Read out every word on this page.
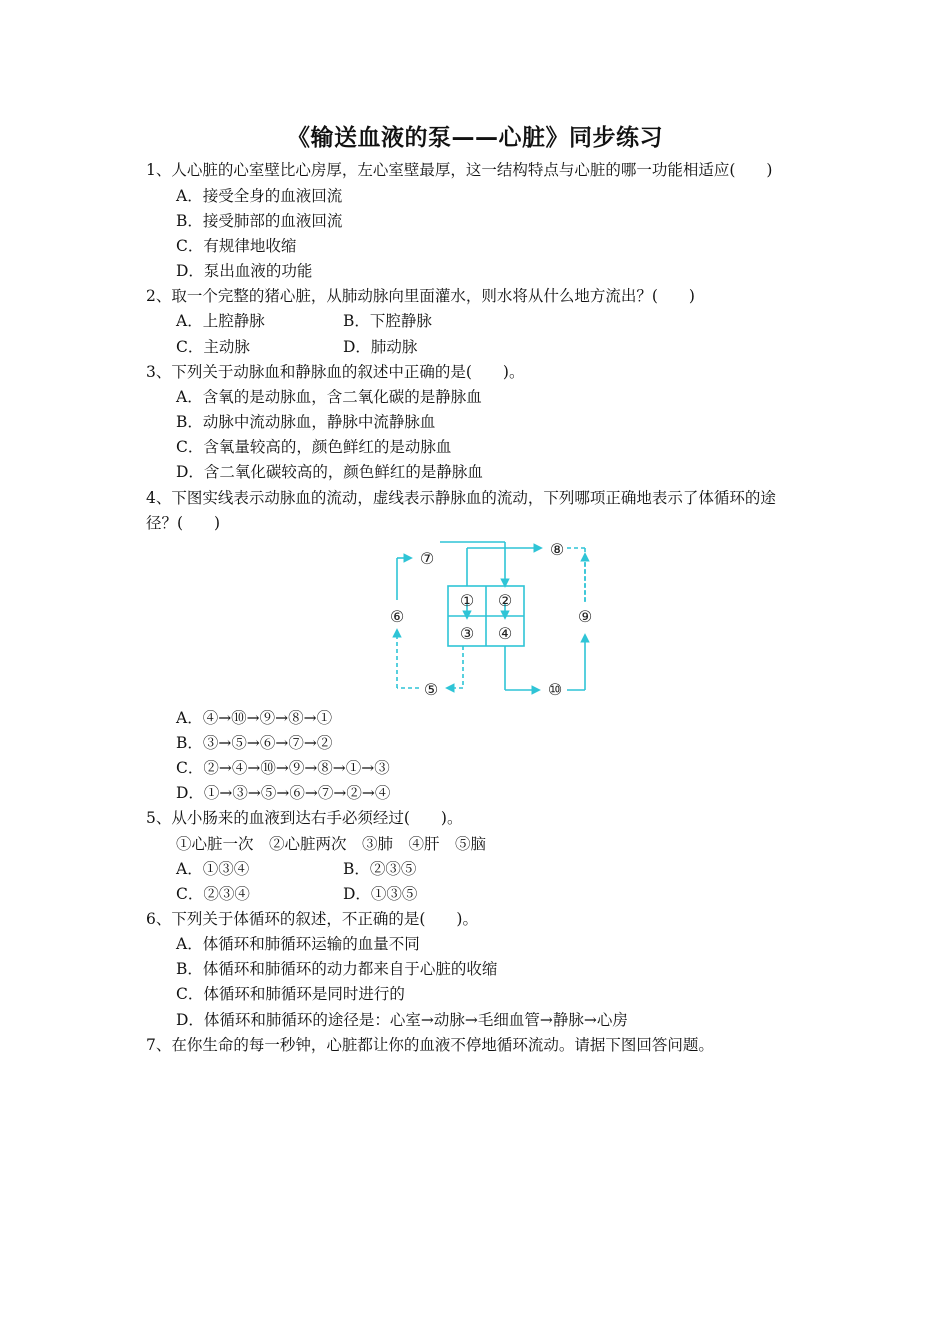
《输送血液的泵——心脏》同步练习
1、人心脏的心室壁比心房厚，左心室壁最厚，这一结构特点与心脏的哪一功能相适应(　　)
A．接受全身的血液回流
B．接受肺部的血液回流
C．有规律地收缩
D．泵出血液的功能
2、取一个完整的猪心脏，从肺动脉向里面灌水，则水将从什么地方流出？(　　)
A．上腔静脉	B．下腔静脉
C．主动脉	D．肺动脉
3、下列关于动脉血和静脉血的叙述中正确的是(　　)。
A．含氧的是动脉血，含二氧化碳的是静脉血
B．动脉中流动脉血，静脉中流静脉血
C．含氧量较高的，颜色鲜红的是动脉血
D．含二氧化碳较高的，颜色鲜红的是静脉血
4、下图实线表示动脉血的流动，虚线表示静脉血的流动，下列哪项正确地表示了体循环的途
径？(　　)
① ②
③ ④
⑤
⑥
⑦	⑧
⑨
⑩
A．④→⑩→⑨→⑧→①
B．③→⑤→⑥→⑦→②
C．②→④→⑩→⑨→⑧→①→③
D．①→③→⑤→⑥→⑦→②→④
5、从小肠来的血液到达右手必须经过(　　)。
①心脏一次　②心脏两次　③肺　④肝　⑤脑
A．①③④	B．②③⑤
C．②③④	D．①③⑤
6、下列关于体循环的叙述，不正确的是(　　)。
A．体循环和肺循环运输的血量不同
B．体循环和肺循环的动力都来自于心脏的收缩
C．体循环和肺循环是同时进行的
D．体循环和肺循环的途径是：心室→动脉→毛细血管→静脉→心房
7、在你生命的每一秒钟，心脏都让你的血液不停地循环流动。请据下图回答问题。
